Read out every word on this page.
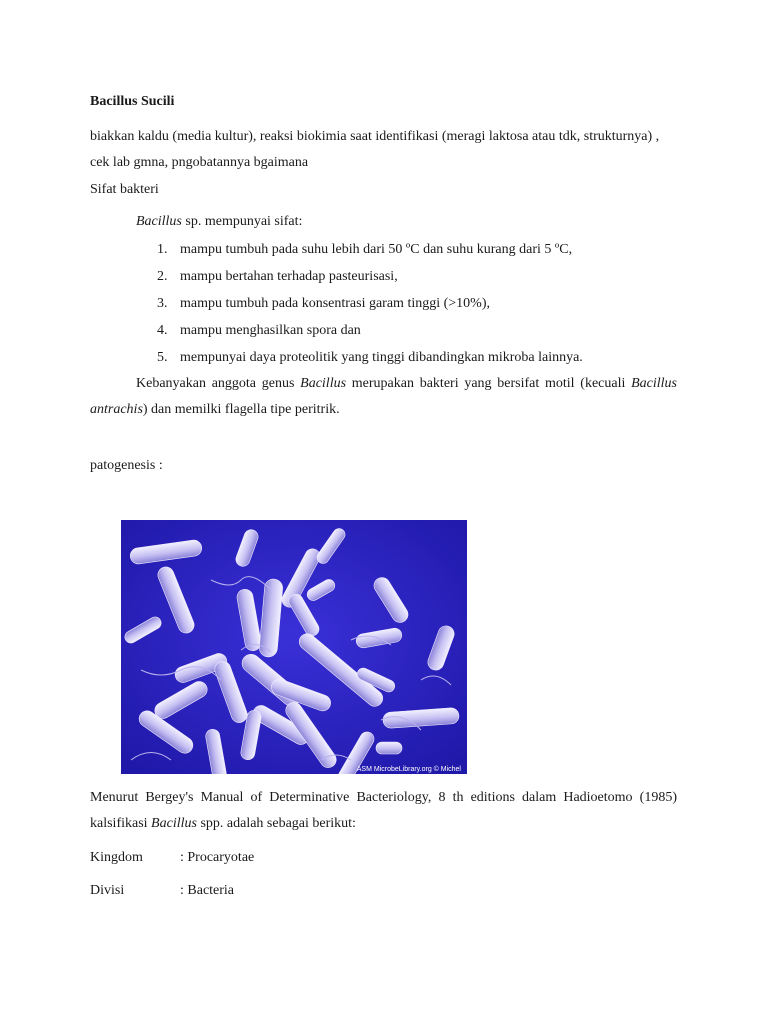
Bacillus Sucili

biakkan kaldu (media kultur), reaksi biokimia saat identifikasi (meragi laktosa atau tdk, strukturnya) , cek lab gmna, pngobatannya bgaimana

Sifat bakteri

Bacillus sp. mempunyai sifat:

1. mampu tumbuh pada suhu lebih dari 50 ºC dan suhu kurang dari 5 ºC,
2. mampu bertahan terhadap pasteurisasi,
3. mampu tumbuh pada konsentrasi garam tinggi (>10%),
4. mampu menghasilkan spora dan
5. mempunyai daya proteolitik yang tinggi dibandingkan mikroba lainnya.

Kebanyakan anggota genus Bacillus merupakan bakteri yang bersifat motil (kecuali Bacillus antrachis) dan memilki flagella tipe peritrik.

patogenesis :

Menurut Bergey's Manual of Determinative Bacteriology, 8 th editions dalam Hadioetomo (1985) kalsifikasi Bacillus spp. adalah sebagai berikut:

Kingdom	: Procaryotae
Divisi	: Bacteria
ASM MicrobeLibrary.org © Michel
